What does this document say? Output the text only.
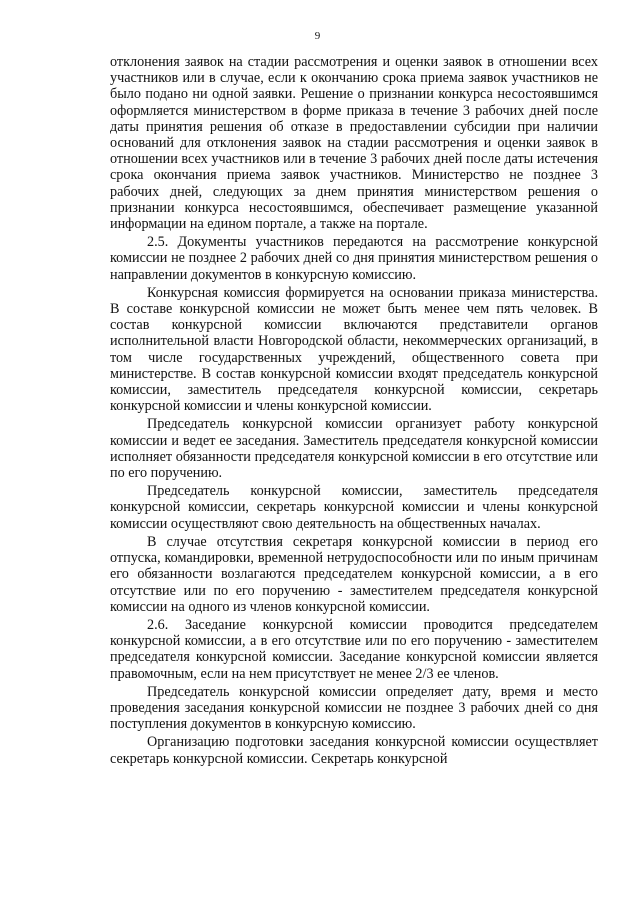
9

отклонения заявок на стадии рассмотрения и оценки заявок в отношении всех участников или в случае, если к окончанию срока приема заявок участников не было подано ни одной заявки. Решение о признании конкурса несостоявшимся оформляется министерством в форме приказа в течение 3 рабочих дней после даты принятия решения об отказе в предоставлении субсидии при наличии оснований для отклонения заявок на стадии рассмотрения и оценки заявок в отношении всех участников или в течение 3 рабочих дней после даты истечения срока окончания приема заявок участников. Министерство не позднее 3 рабочих дней, следующих за днем принятия министерством решения о признании конкурса несостоявшимся, обеспечивает размещение указанной информации на едином портале, а также на портале.

2.5. Документы участников передаются на рассмотрение конкурсной комиссии не позднее 2 рабочих дней со дня принятия министерством решения о направлении документов в конкурсную комиссию.

Конкурсная комиссия формируется на основании приказа министерства. В составе конкурсной комиссии не может быть менее чем пять человек. В состав конкурсной комиссии включаются представители органов исполнительной власти Новгородской области, некоммерческих организаций, в том числе государственных учреждений, общественного совета при министерстве. В состав конкурсной комиссии входят председатель конкурсной комиссии, заместитель председателя конкурсной комиссии, секретарь конкурсной комиссии и члены конкурсной комиссии.

Председатель конкурсной комиссии организует работу конкурсной комиссии и ведет ее заседания. Заместитель председателя конкурсной комиссии исполняет обязанности председателя конкурсной комиссии в его отсутствие или по его поручению.

Председатель конкурсной комиссии, заместитель председателя конкурсной комиссии, секретарь конкурсной комиссии и члены конкурсной комиссии осуществляют свою деятельность на общественных началах.

В случае отсутствия секретаря конкурсной комиссии в период его отпуска, командировки, временной нетрудоспособности или по иным причинам его обязанности возлагаются председателем конкурсной комиссии, а в его отсутствие или по его поручению - заместителем председателя конкурсной комиссии на одного из членов конкурсной комиссии.

2.6. Заседание конкурсной комиссии проводится председателем конкурсной комиссии, а в его отсутствие или по его поручению - заместителем председателя конкурсной комиссии. Заседание конкурсной комиссии является правомочным, если на нем присутствует не менее 2/3 ее членов.

Председатель конкурсной комиссии определяет дату, время и место проведения заседания конкурсной комиссии не позднее 3 рабочих дней со дня поступления документов в конкурсную комиссию.

Организацию подготовки заседания конкурсной комиссии осуществляет секретарь конкурсной комиссии. Секретарь конкурсной
